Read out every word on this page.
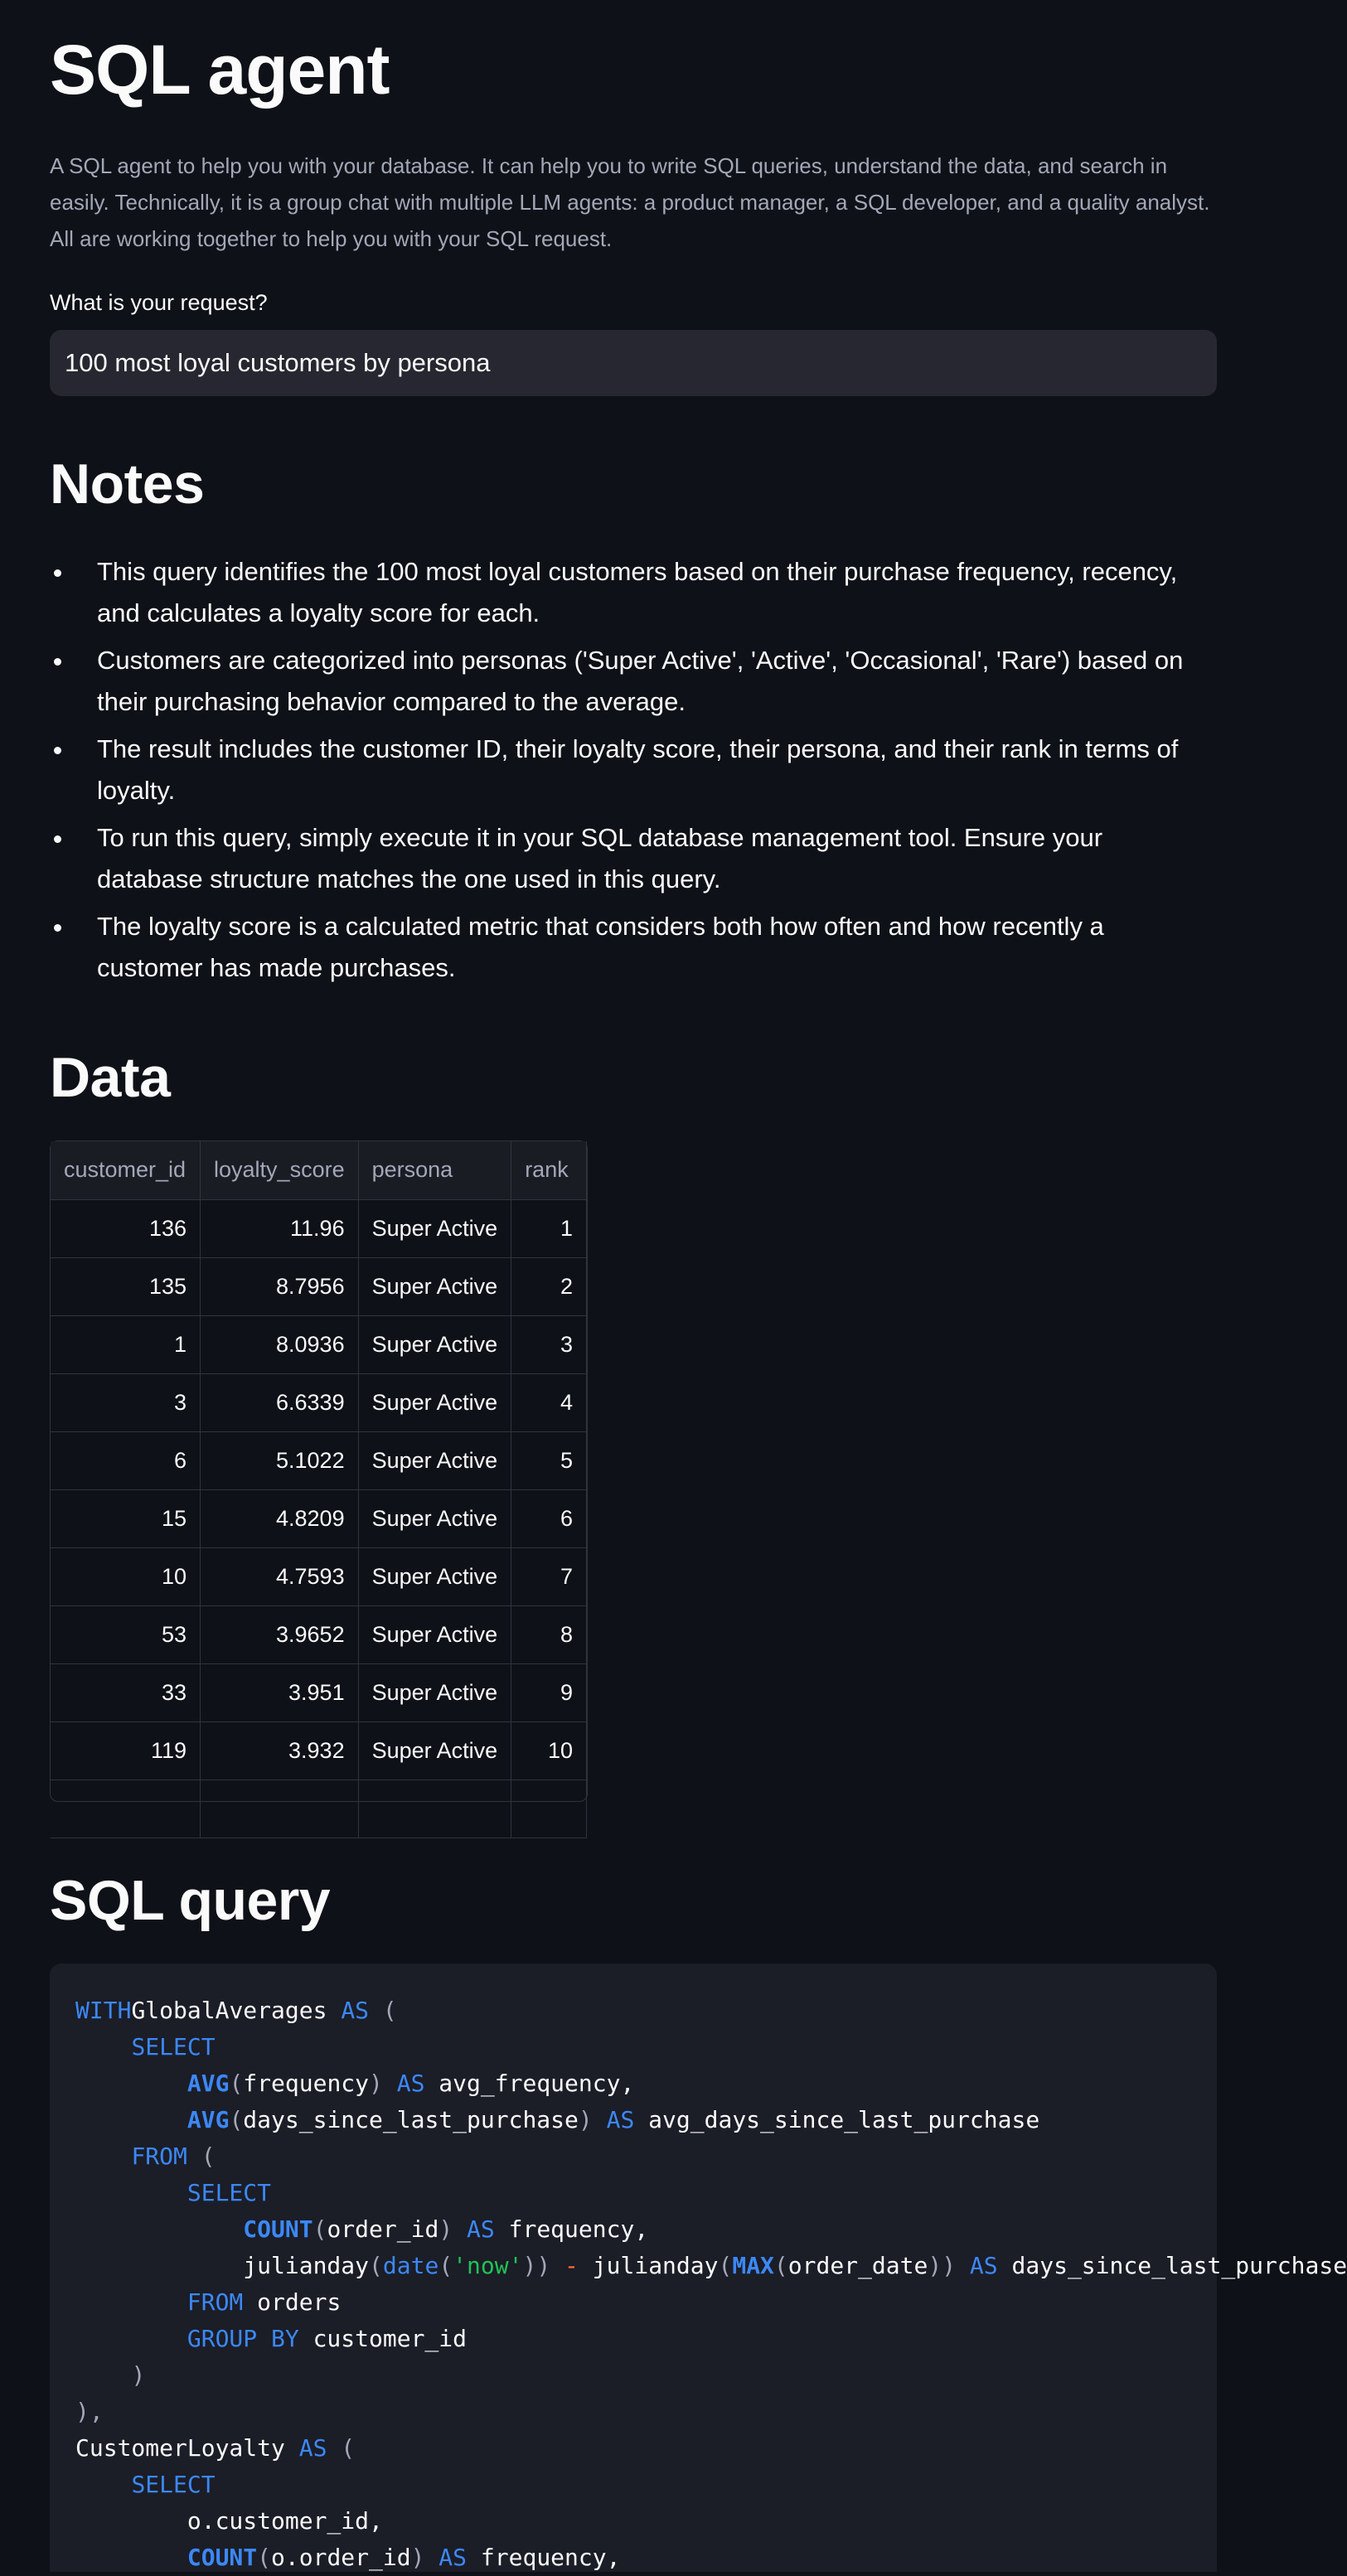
SQL agent

A SQL agent to help you with your database. It can help you to write SQL queries, understand the data, and search in easily. Technically, it is a group chat with multiple LLM agents: a product manager, a SQL developer, and a quality analyst. All are working together to help you with your SQL request.

What is your request?
100 most loyal customers by persona
Notes
This query identifies the 100 most loyal customers based on their purchase frequency, recency, and calculates a loyalty score for each.
Customers are categorized into personas ('Super Active', 'Active', 'Occasional', 'Rare') based on their purchasing behavior compared to the average.
The result includes the customer ID, their loyalty score, their persona, and their rank in terms of loyalty.
To run this query, simply execute it in your SQL database management tool. Ensure your database structure matches the one used in this query.
The loyalty score is a calculated metric that considers both how often and how recently a customer has made purchases.
Data
customer_id	loyalty_score	persona	rank
136	11.96	Super Active	1
135	8.7956	Super Active	2
1	8.0936	Super Active	3
3	6.6339	Super Active	4
6	5.1022	Super Active	5
15	4.8209	Super Active	6
10	4.7593	Super Active	7
53	3.9652	Super Active	8
33	3.951	Super Active	9
119	3.932	Super Active	10

SQL query
WITHGlobalAverages AS (
SELECT
AVG(frequency) AS avg_frequency,
AVG(days_since_last_purchase) AS avg_days_since_last_purchase
FROM (
SELECT
COUNT(order_id) AS frequency,
julianday(date('now')) - julianday(MAX(order_date)) AS days_since_last_purchase
FROM orders
GROUP BY customer_id
)
),
CustomerLoyalty AS (
SELECT
o.customer_id,
COUNT(o.order_id) AS frequency,
